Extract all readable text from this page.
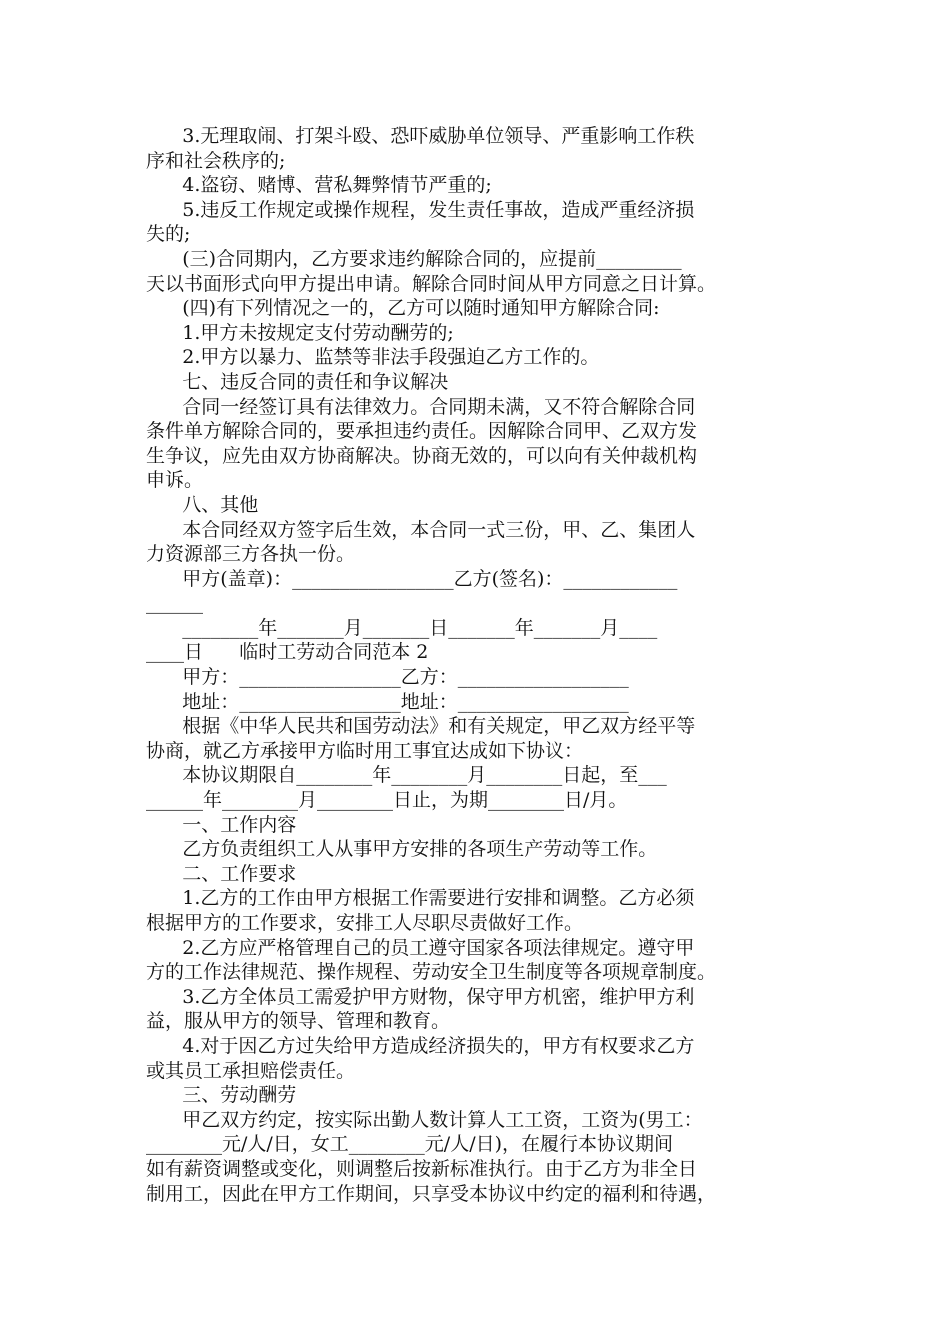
3.无理取闹、打架斗殴、恐吓威胁单位领导、严重影响工作秩
序和社会秩序的;
4.盗窃、赌博、营私舞弊情节严重的;
5.违反工作规定或操作规程，发生责任事故，造成严重经济损
失的;
(三)合同期内，乙方要求违约解除合同的，应提前_________
天以书面形式向甲方提出申请。解除合同时间从甲方同意之日计算。
(四)有下列情况之一的，乙方可以随时通知甲方解除合同:
1.甲方未按规定支付劳动酬劳的;
2.甲方以暴力、监禁等非法手段强迫乙方工作的。
七、违反合同的责任和争议解决
合同一经签订具有法律效力。合同期未满，又不符合解除合同
条件单方解除合同的，要承担违约责任。因解除合同甲、乙双方发
生争议，应先由双方协商解决。协商无效的，可以向有关仲裁机构
申诉。
八、其他
本合同经双方签字后生效，本合同一式三份，甲、乙、集团人
力资源部三方各执一份。
甲方(盖章)：_________________乙方(签名)：____________
______
________年_______月_______日_______年_______月____
____日      临时工劳动合同范本 2
甲方：_________________乙方：__________________
地址：_________________地址：__________________
根据《中华人民共和国劳动法》和有关规定，甲乙双方经平等
协商，就乙方承接甲方临时用工事宜达成如下协议：
本协议期限自________年________月________日起，至___
______年________月________日止，为期________日/月。
一、工作内容
乙方负责组织工人从事甲方安排的各项生产劳动等工作。
二、工作要求
1.乙方的工作由甲方根据工作需要进行安排和调整。乙方必须
根据甲方的工作要求，安排工人尽职尽责做好工作。
2.乙方应严格管理自己的员工遵守国家各项法律规定。遵守甲
方的工作法律规范、操作规程、劳动安全卫生制度等各项规章制度。
3.乙方全体员工需爱护甲方财物，保守甲方机密，维护甲方利
益，服从甲方的领导、管理和教育。
4.对于因乙方过失给甲方造成经济损失的，甲方有权要求乙方
或其员工承担赔偿责任。
三、劳动酬劳
甲乙双方约定，按实际出勤人数计算人工工资，工资为(男工：
________元/人/日，女工________元/人/日)，在履行本协议期间
如有薪资调整或变化，则调整后按新标准执行。由于乙方为非全日
制用工，因此在甲方工作期间，只享受本协议中约定的福利和待遇，
